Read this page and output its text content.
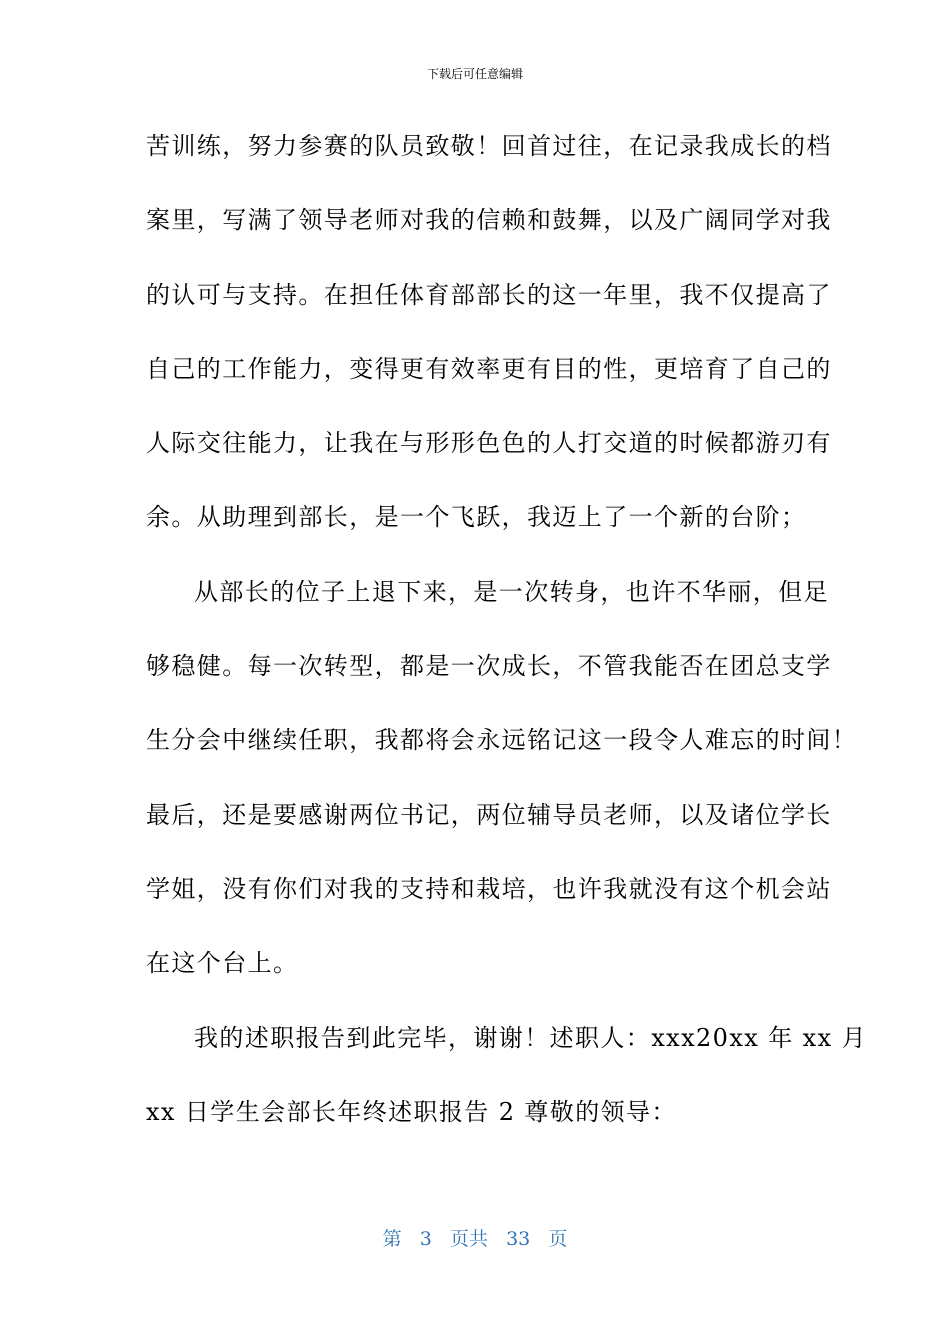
下载后可任意编辑
苦训练，努力参赛的队员致敬！回首过往，在记录我成长的档
案里，写满了领导老师对我的信赖和鼓舞，以及广阔同学对我
的认可与支持。在担任体育部部长的这一年里，我不仅提高了
自己的工作能力，变得更有效率更有目的性，更培育了自己的
人际交往能力，让我在与形形色色的人打交道的时候都游刃有
余。从助理到部长，是一个飞跃，我迈上了一个新的台阶；
从部长的位子上退下来，是一次转身，也许不华丽，但足
够稳健。每一次转型，都是一次成长，不管我能否在团总支学
生分会中继续任职，我都将会永远铭记这一段令人难忘的时间！
最后，还是要感谢两位书记，两位辅导员老师，以及诸位学长
学姐，没有你们对我的支持和栽培，也许我就没有这个机会站
在这个台上。
我的述职报告到此完毕，谢谢！述职人：xxx20xx 年 xx 月
xx 日学生会部长年终述职报告 2 尊敬的领导：
第 3 页共 33 页
